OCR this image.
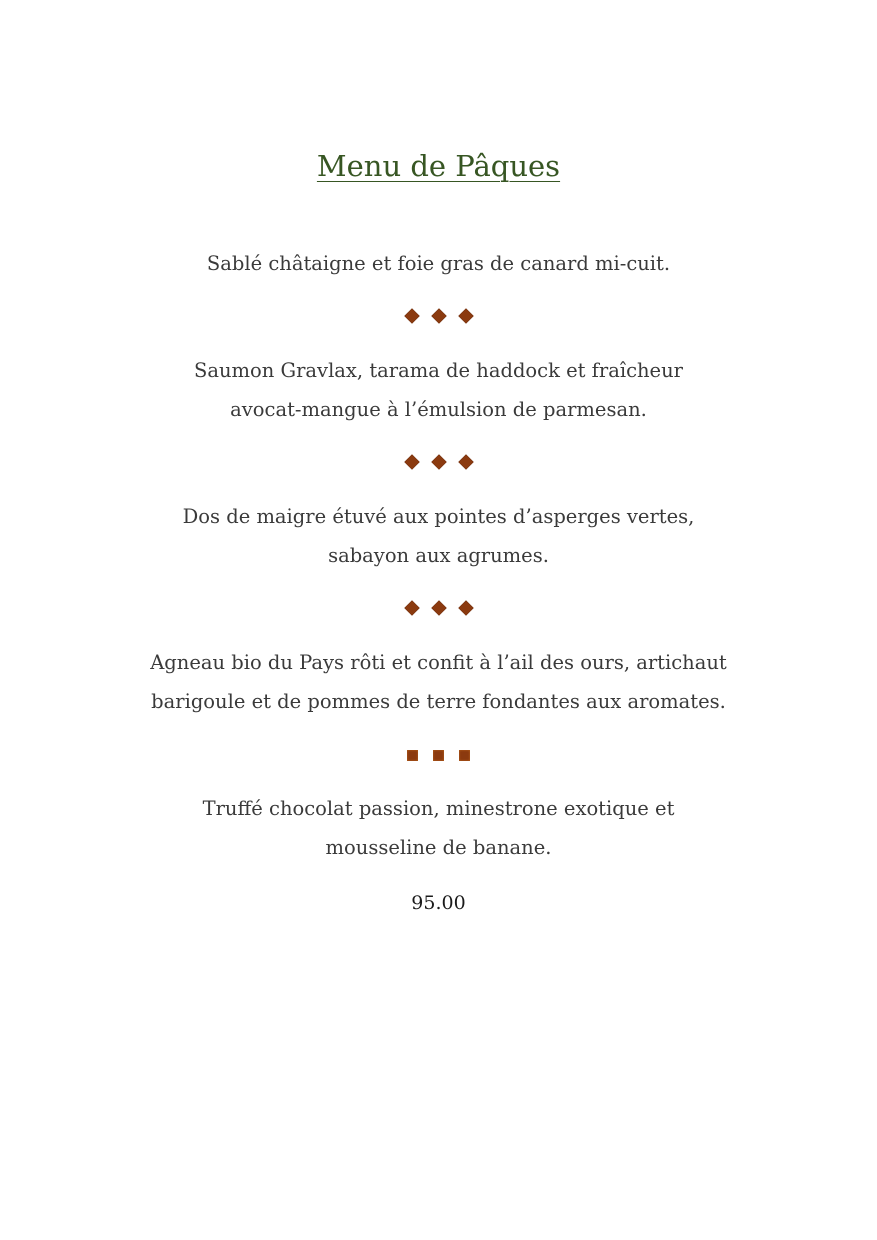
Menu de Pâques

Sablé châtaigne et foie gras de canard mi-cuit.

Saumon Gravlax, tarama de haddock et fraîcheur
avocat-mangue à l’émulsion de parmesan.

Dos de maigre étuvé aux pointes d’asperges vertes,
sabayon aux agrumes.

Agneau bio du Pays rôti et confit à l’ail des ours, artichaut
barigoule et de pommes de terre fondantes aux aromates.

Truffé chocolat passion, minestrone exotique et
mousseline de banane.

95.00
